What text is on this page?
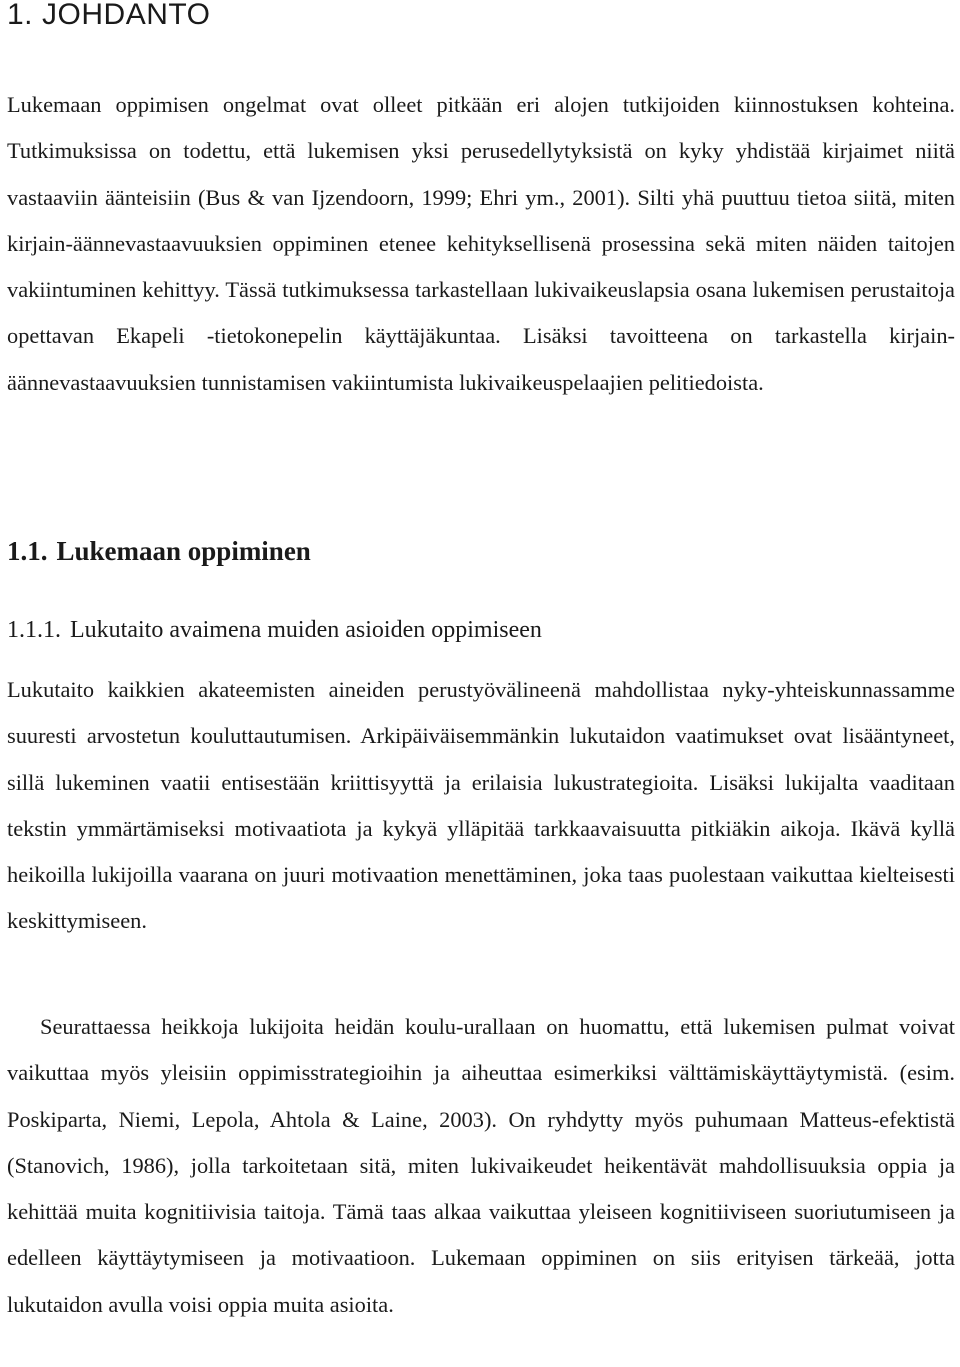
1. JOHDANTO

Lukemaan oppimisen ongelmat ovat olleet pitkään eri alojen tutkijoiden kiinnostuksen kohteina. Tutkimuksissa on todettu, että lukemisen yksi perusedellytyksistä on kyky yhdistää kirjaimet niitä vastaaviin äänteisiin (Bus & van Ijzendoorn, 1999; Ehri ym., 2001). Silti yhä puuttuu tietoa siitä, miten kirjain-äännevastaavuuksien oppiminen etenee kehityksellisenä prosessina sekä miten näiden taitojen vakiintuminen kehittyy. Tässä tutkimuksessa tarkastellaan lukivaikeuslapsia osana lukemisen perustaitoja opettavan Ekapeli -tietokonepelin käyttäjäkuntaa. Lisäksi tavoitteena on tarkastella kirjain-äännevastaavuuksien tunnistamisen vakiintumista lukivaikeuspelaajien pelitiedoista.

1.1. Lukemaan oppiminen
1.1.1. Lukutaito avaimena muiden asioiden oppimiseen

Lukutaito kaikkien akateemisten aineiden perustyövälineenä mahdollistaa nyky-yhteiskunnassamme suuresti arvostetun kouluttautumisen. Arkipäiväisemmänkin lukutaidon vaatimukset ovat lisääntyneet, sillä lukeminen vaatii entisestään kriittisyyttä ja erilaisia lukustrategioita. Lisäksi lukijalta vaaditaan tekstin ymmärtämiseksi motivaatiota ja kykyä ylläpitää tarkkaavaisuutta pitkiäkin aikoja. Ikävä kyllä heikoilla lukijoilla vaarana on juuri motivaation menettäminen, joka taas puolestaan vaikuttaa kielteisesti keskittymiseen.

Seurattaessa heikkoja lukijoita heidän koulu-urallaan on huomattu, että lukemisen pulmat voivat vaikuttaa myös yleisiin oppimisstrategioihin ja aiheuttaa esimerkiksi välttämiskäyttäytymistä. (esim. Poskiparta, Niemi, Lepola, Ahtola & Laine, 2003). On ryhdytty myös puhumaan Matteus-efektistä (Stanovich, 1986), jolla tarkoitetaan sitä, miten lukivaikeudet heikentävät mahdollisuuksia oppia ja kehittää muita kognitiivisia taitoja. Tämä taas alkaa vaikuttaa yleiseen kognitiiviseen suoriutumiseen ja edelleen käyttäytymiseen ja motivaatioon. Lukemaan oppiminen on siis erityisen tärkeää, jotta lukutaidon avulla voisi oppia muita asioita.
